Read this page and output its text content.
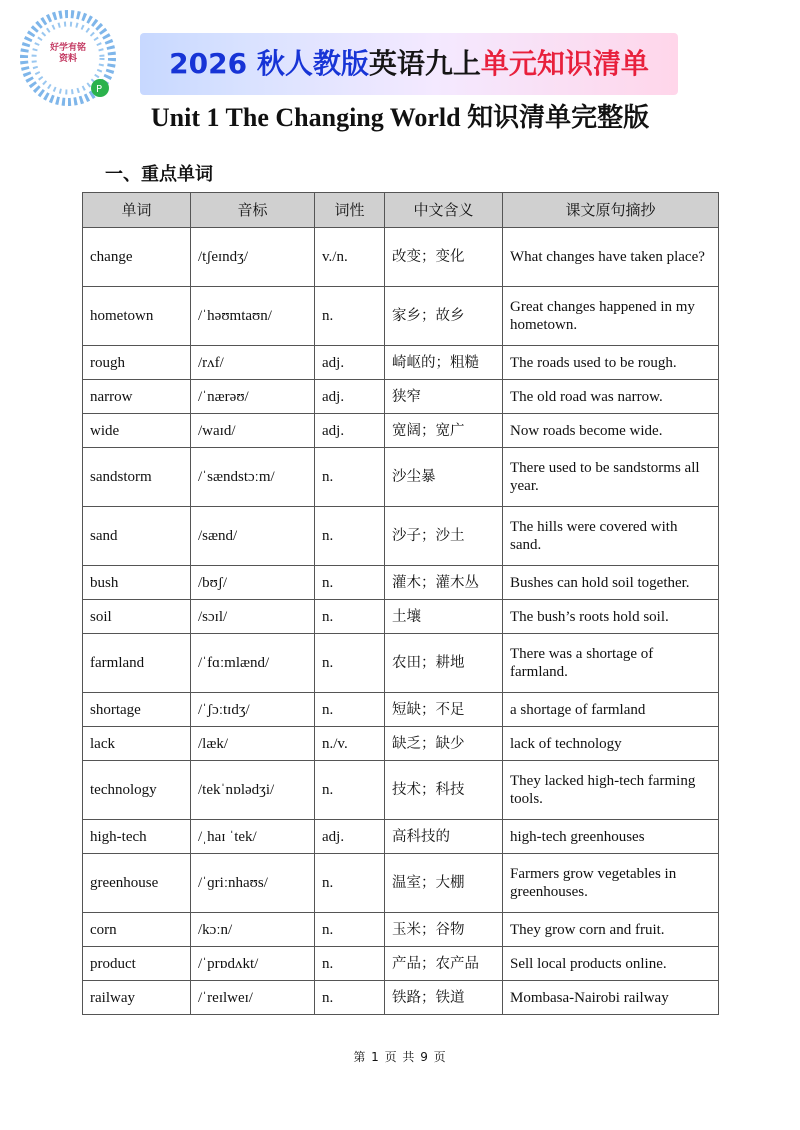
P
好学有铭资料	2026 秋人教版英语九上单元知识清单
Unit 1 The Changing World 知识清单完整版
一、重点单词
单词	音标	词性	中文含义	课文原句摘抄
change	/tʃeɪndʒ/	v./n.	改变；变化	What changes have taken place?
hometown	/ˈhəʊmtaʊn/	n.	家乡；故乡	Great changes happened in my hometown.
rough	/rʌf/	adj.	崎岖的；粗糙	The roads used to be rough.
narrow	/ˈnærəʊ/	adj.	狭窄	The old road was narrow.
wide	/waɪd/	adj.	宽阔；宽广	Now roads become wide.
sandstorm	/ˈsændstɔːm/	n.	沙尘暴	There used to be sandstorms all year.
sand	/sænd/	n.	沙子；沙土	The hills were covered with sand.
bush	/bʊʃ/	n.	灌木；灌木丛	Bushes can hold soil together.
soil	/sɔɪl/	n.	土壤	The bush’s roots hold soil.
farmland	/ˈfɑːmlænd/	n.	农田；耕地	There was a shortage of farmland.
shortage	/ˈʃɔːtɪdʒ/	n.	短缺；不足	a shortage of farmland
lack	/læk/	n./v.	缺乏；缺少	lack of technology
technology	/tekˈnɒlədʒi/	n.	技术；科技	They lacked high-tech farming tools.
high-tech	/ˌhaɪ ˈtek/	adj.	高科技的	high-tech greenhouses
greenhouse	/ˈɡriːnhaʊs/	n.	温室；大棚	Farmers grow vegetables in greenhouses.
corn	/kɔːn/	n.	玉米；谷物	They grow corn and fruit.
product	/ˈprɒdʌkt/	n.	产品；农产品	Sell local products online.
railway	/ˈreɪlweɪ/	n.	铁路；铁道	Mombasa-Nairobi railway
第 1 页 共 9 页
